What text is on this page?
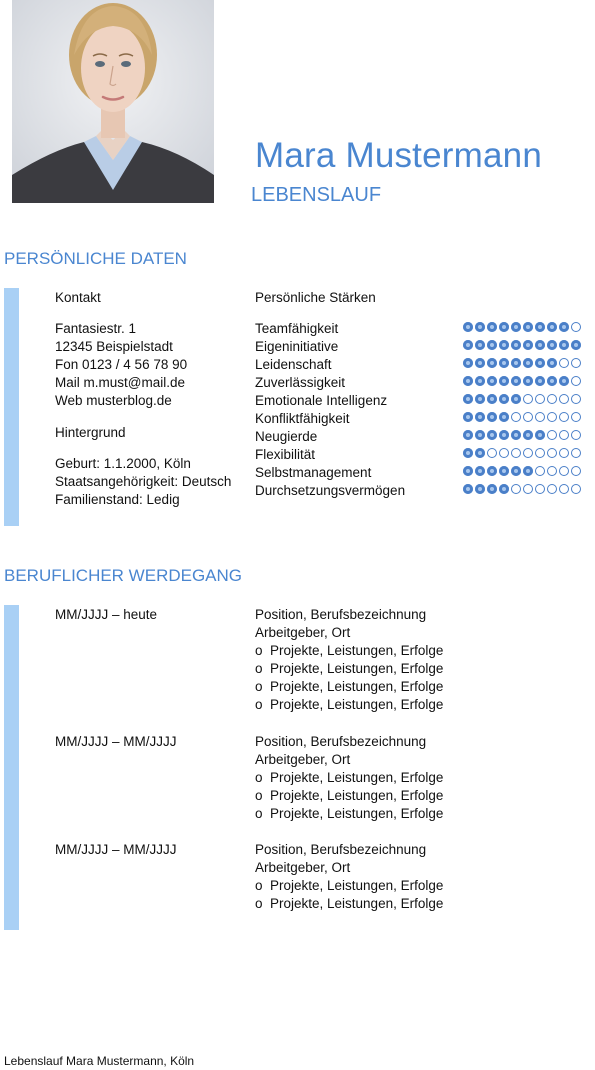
Mara Mustermann
LEBENSLAUF
PERSÖNLICHE DATEN
Kontakt
Fantasiestr. 1
12345 Beispielstadt
Fon 0123 / 4 56 78 90
Mail m.must@mail.de
Web musterblog.de
Hintergrund
Geburt: 1.1.2000, Köln
Staatsangehörigkeit: Deutsch
Familienstand: Ledig
Persönliche Stärken
Teamfähigkeit
Eigeninitiative
Leidenschaft
Zuverlässigkeit
Emotionale Intelligenz
Konfliktfähigkeit
Neugierde
Flexibilität
Selbstmanagement
Durchsetzungsvermögen
BERUFLICHER WERDEGANG
MM/JJJJ – heute	Position, Berufsbezeichnung
Arbeitgeber, Ort
o Projekte, Leistungen, Erfolge
o Projekte, Leistungen, Erfolge
o Projekte, Leistungen, Erfolge
o Projekte, Leistungen, Erfolge
MM/JJJJ – MM/JJJJ	Position, Berufsbezeichnung
Arbeitgeber, Ort
o Projekte, Leistungen, Erfolge
o Projekte, Leistungen, Erfolge
o Projekte, Leistungen, Erfolge
MM/JJJJ – MM/JJJJ	Position, Berufsbezeichnung
Arbeitgeber, Ort
o Projekte, Leistungen, Erfolge
o Projekte, Leistungen, Erfolge
Lebenslauf Mara Mustermann, Köln
